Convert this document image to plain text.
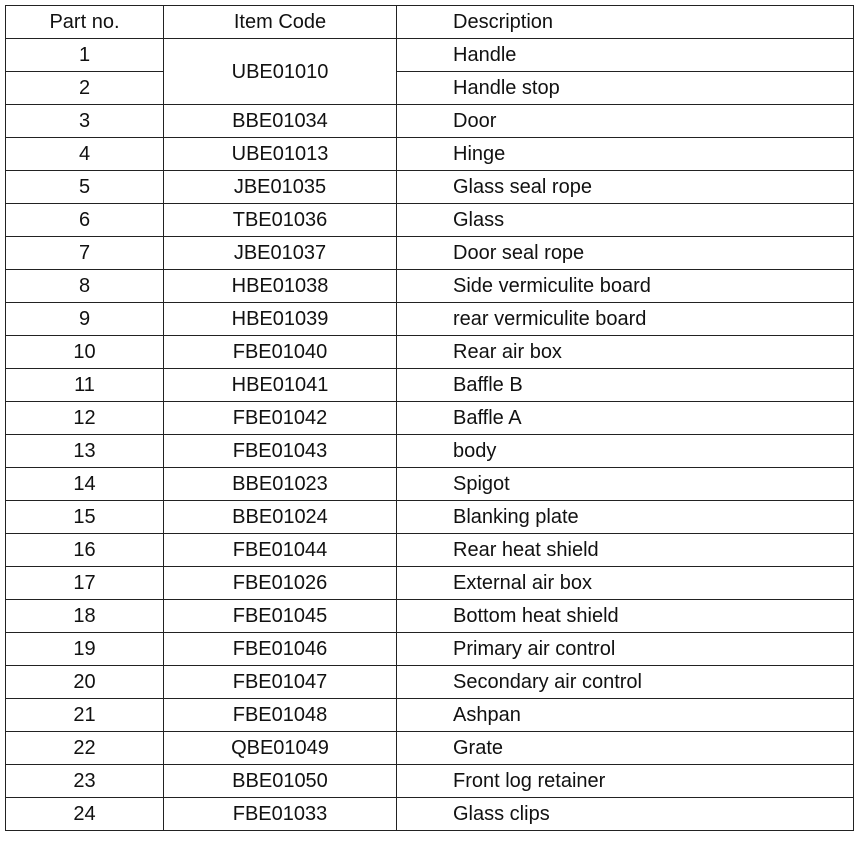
Part no.	Item Code	Description
1	UBE01010	Handle
2		Handle stop
3	BBE01034	Door
4	UBE01013	Hinge
5	JBE01035	Glass seal rope
6	TBE01036	Glass
7	JBE01037	Door seal rope
8	HBE01038	Side vermiculite board
9	HBE01039	rear vermiculite board
10	FBE01040	Rear air box
11	HBE01041	Baffle B
12	FBE01042	Baffle A
13	FBE01043	body
14	BBE01023	Spigot
15	BBE01024	Blanking plate
16	FBE01044	Rear heat shield
17	FBE01026	External air box
18	FBE01045	Bottom heat shield
19	FBE01046	Primary air control
20	FBE01047	Secondary air control
21	FBE01048	Ashpan
22	QBE01049	Grate
23	BBE01050	Front log retainer
24	FBE01033	Glass clips
